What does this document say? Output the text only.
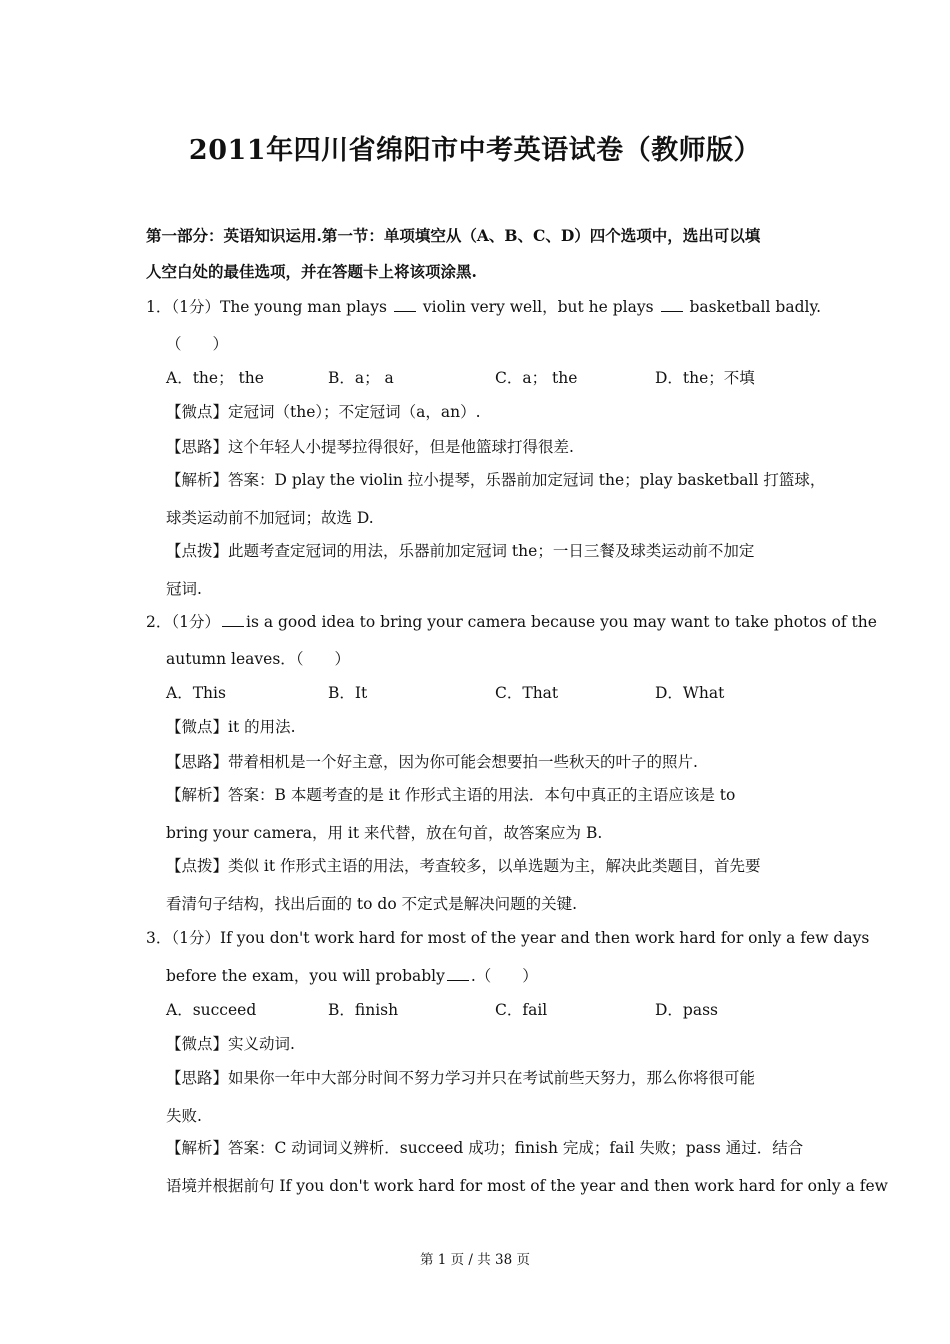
2011年四川省绵阳市中考英语试卷（教师版）
第一部分：英语知识运用.第一节：单项填空从（A、B、C、D）四个选项中，选出可以填
人空白处的最佳选项，并在答题卡上将该项涂黑.
1．（1分）The young man plays violin very well，but he plays basketball badly.
（　　）
A．the； the	B．a； a	C．a； the	D．the；不填
【微点】定冠词（the）；不定冠词（a，an）.
【思路】这个年轻人小提琴拉得很好，但是他篮球打得很差.
【解析】答案：D play the violin 拉小提琴，乐器前加定冠词 the；play basketball 打篮球，
球类运动前不加冠词；故选 D.
【点拨】此题考查定冠词的用法，乐器前加定冠词 the；一日三餐及球类运动前不加定
冠词.
2．（1分） is a good idea to bring your camera because you may want to take photos of the
autumn leaves．（　　）
A．This	B．It	C．That	D．What
【微点】it 的用法.
【思路】带着相机是一个好主意，因为你可能会想要拍一些秋天的叶子的照片.
【解析】答案：B 本题考查的是 it 作形式主语的用法．本句中真正的主语应该是 to
bring your camera，用 it 来代替，放在句首，故答案应为 B.
【点拨】类似 it 作形式主语的用法，考查较多，以单选题为主，解决此类题目，首先要
看清句子结构，找出后面的 to do 不定式是解决问题的关键.
3．（1分）If you don't work hard for most of the year and then work hard for only a few days
before the exam，you will probably .（　　）
A．succeed	B．finish	C．fail	D．pass
【微点】实义动词.
【思路】如果你一年中大部分时间不努力学习并只在考试前些天努力，那么你将很可能
失败.
【解析】答案：C 动词词义辨析．succeed 成功；finish 完成；fail 失败；pass 通过．结合
语境并根据前句 If you don't work hard for most of the year and then work hard for only a few
第 1 页 / 共 38 页
